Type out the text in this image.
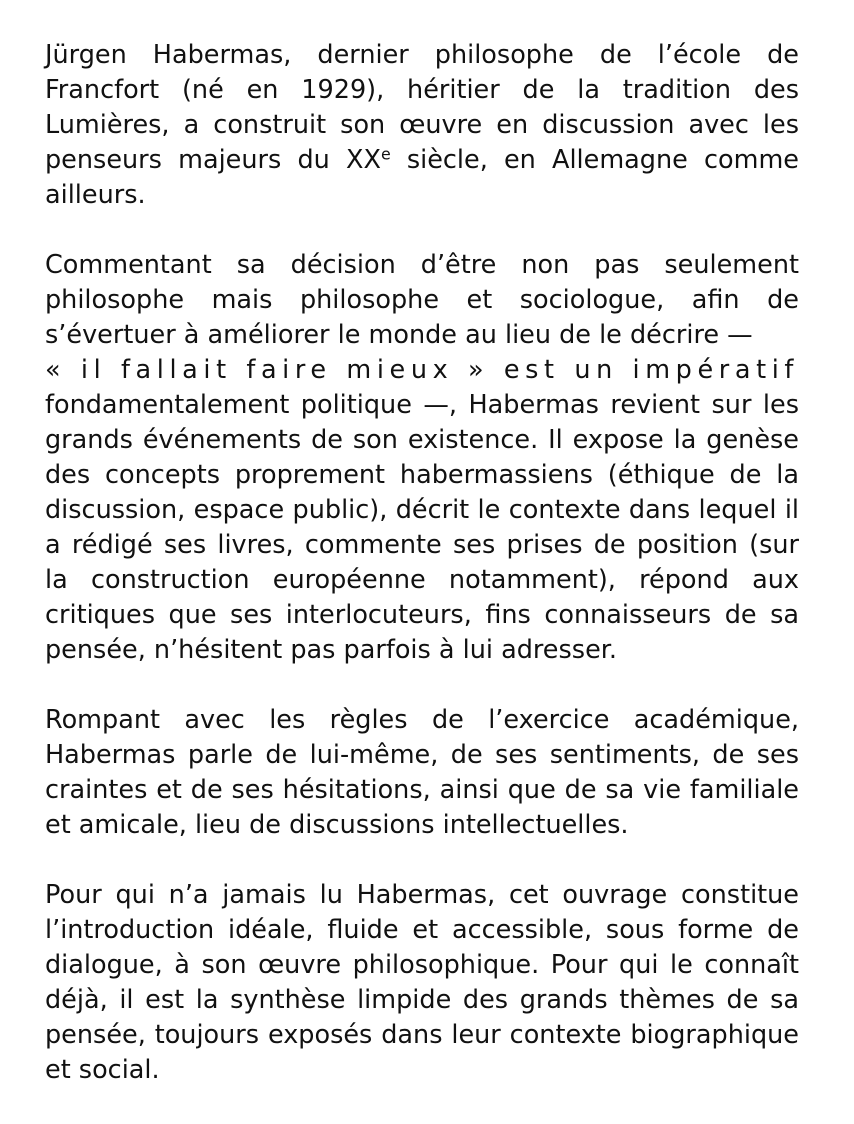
Jürgen Habermas, dernier philosophe de l’école de Francfort (né en 1929), héritier de la tradition des Lumières, a construit son œuvre en discussion avec les penseurs majeurs du XXe siècle, en Allemagne comme ailleurs.

Commentant sa décision d’être non pas seulement philosophe mais philosophe et sociologue, afin de s’évertuer à améliorer le monde au lieu de le décrire —
« il fallait faire mieux » est un impératif
fondamentalement politique —, Habermas revient sur les grands événements de son existence. Il expose la genèse des concepts proprement habermassiens (éthique de la discussion, espace public), décrit le contexte dans lequel il a rédigé ses livres, commente ses prises de position (sur la construction européenne notamment), répond aux critiques que ses interlocuteurs, fins connaisseurs de sa pensée, n’hésitent pas parfois à lui adresser.

Rompant avec les règles de l’exercice académique, Habermas parle de lui-même, de ses sentiments, de ses craintes et de ses hésitations, ainsi que de sa vie familiale et amicale, lieu de discussions intellectuelles.

Pour qui n’a jamais lu Habermas, cet ouvrage constitue l’introduction idéale, fluide et accessible, sous forme de dialogue, à son œuvre philosophique. Pour qui le connaît déjà, il est la synthèse limpide des grands thèmes de sa pensée, toujours exposés dans leur contexte biographique et social.
